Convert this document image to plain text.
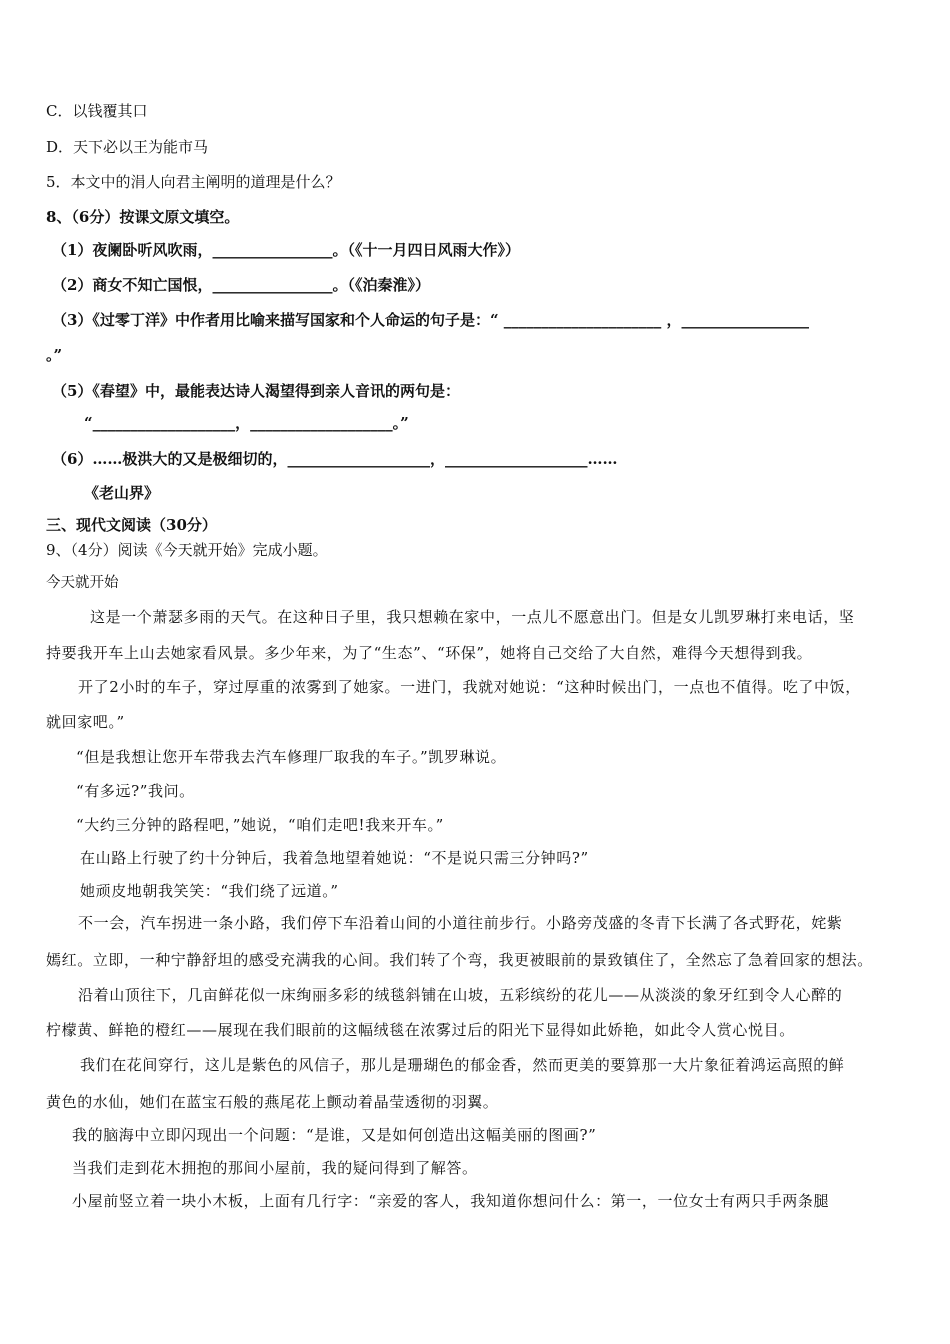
C．以钱覆其口
D．天下必以王为能市马
5．本文中的涓人向君主阐明的道理是什么？
8、（6分）按课文原文填空。
（1）夜阑卧听风吹雨，________________。（《十一月四日风雨大作》）
（2）商女不知亡国恨，________________。（《泊秦淮》）
（3）《过零丁洋》中作者用比喻来描写国家和个人命运的句子是：“ _____________________ ，_________________
。”
（5）《春望》中，最能表达诗人渴望得到亲人音讯的两句是：
“___________________，___________________。”
（6）……极洪大的又是极细切的，___________________，___________________……
《老山界》
三、现代文阅读（30分）
9、（4分）阅读《今天就开始》完成小题。
今天就开始
这是一个萧瑟多雨的天气。在这种日子里，我只想赖在家中，一点儿不愿意出门。但是女儿凯罗琳打来电话，坚
持要我开车上山去她家看风景。多少年来，为了“生态”、“环保”，她将自己交给了大自然，难得今天想得到我。
开了2小时的车子，穿过厚重的浓雾到了她家。一进门，我就对她说：“这种时候出门，一点也不值得。吃了中饭，
就回家吧。”
“但是我想让您开车带我去汽车修理厂取我的车子。”凯罗琳说。
“有多远?”我问。
“大约三分钟的路程吧，”她说，“咱们走吧!我来开车。”
在山路上行驶了约十分钟后，我着急地望着她说：“不是说只需三分钟吗?”
她顽皮地朝我笑笑：“我们绕了远道。”
不一会，汽车拐进一条小路，我们停下车沿着山间的小道往前步行。小路旁茂盛的冬青下长满了各式野花，姹紫
嫣红。立即，一种宁静舒坦的感受充满我的心间。我们转了个弯，我更被眼前的景致镇住了，全然忘了急着回家的想法。
沿着山顶往下，几亩鲜花似一床绚丽多彩的绒毯斜铺在山坡，五彩缤纷的花儿——从淡淡的象牙红到令人心醉的
柠檬黄、鲜艳的橙红——展现在我们眼前的这幅绒毯在浓雾过后的阳光下显得如此娇艳，如此令人赏心悦目。
我们在花间穿行，这儿是紫色的风信子，那儿是珊瑚色的郁金香，然而更美的要算那一大片象征着鸿运高照的鲜
黄色的水仙，她们在蓝宝石般的燕尾花上颤动着晶莹透彻的羽翼。
我的脑海中立即闪现出一个问题：“是谁，又是如何创造出这幅美丽的图画?”
当我们走到花木拥抱的那间小屋前，我的疑问得到了解答。
小屋前竖立着一块小木板，上面有几行字：“亲爱的客人，我知道你想问什么：第一，一位女士有两只手两条腿
